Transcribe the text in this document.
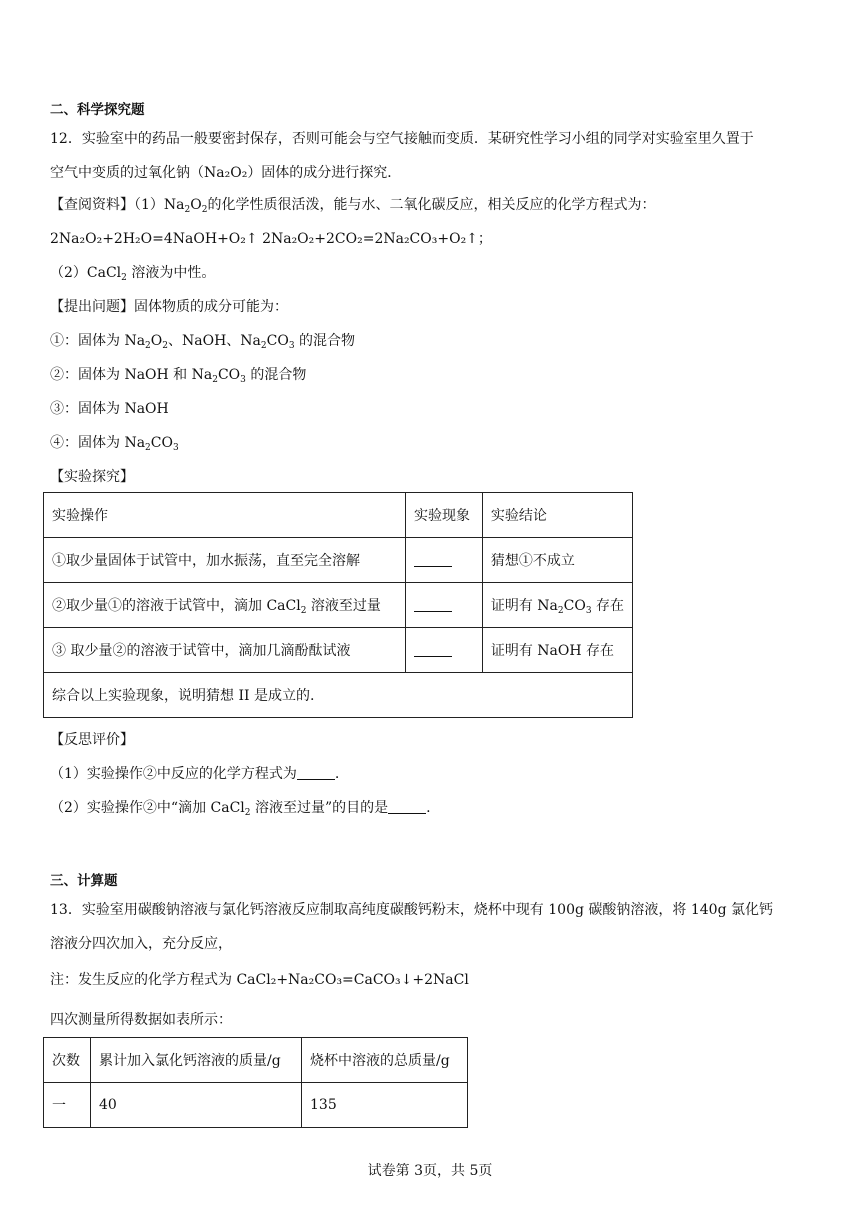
二、科学探究题
12．实验室中的药品一般要密封保存，否则可能会与空气接触而变质．某研究性学习小组的同学对实验室里久置于
空气中变质的过氧化钠（Na₂O₂）固体的成分进行探究．
【查阅资料】$(1)Na_2O_2$的化学性质很活泼，能与水、二氧化碳反应，相关反应的化学方程式为：
2Na₂O₂+2H₂O=4NaOH+O₂↑ 2Na₂O₂+2CO₂=2Na₂CO₃+O₂↑；
（2）CaCl$_2$ 溶液为中性。
【提出问题】固体物质的成分可能为：
①：固体为 $Na_2O_2$、NaOH、$Na_2CO_3$ 的混合物
②：固体为 NaOH 和 $Na_2CO_3$ 的混合物
③：固体为 NaOH
④：固体为 $Na_2CO_3$
【实验探究】
实验操作	实验现象	实验结论
①取少量固体于试管中，加水振荡，直至完全溶解		猜想①不成立
②取少量①的溶液于试管中，滴加 CaCl$_2$ 溶液至过量		证明有 $Na_2CO_3$ 存在
③ 取少量②的溶液于试管中，滴加几滴酚酞试液		证明有 NaOH 存在
综合以上实验现象，说明猜想 II 是成立的.		
【反思评价】
（1）实验操作②中反应的化学方程式为	.
（2）实验操作②中“滴加 CaCl$_2$ 溶液至过量”的目的是	.
三、计算题
13．实验室用碳酸钠溶液与氯化钙溶液反应制取高纯度碳酸钙粉末，烧杯中现有 100g 碳酸钠溶液，将 140g 氯化钙
溶液分四次加入，充分反应，
注：发生反应的化学方程式为 CaCl₂+Na₂CO₃=CaCO₃↓+2NaCl
四次测量所得数据如表所示：
次数	累计加入氯化钙溶液的质量/g	烧杯中溶液的总质量/g
一	40	135
试卷第 3页，共 5页
